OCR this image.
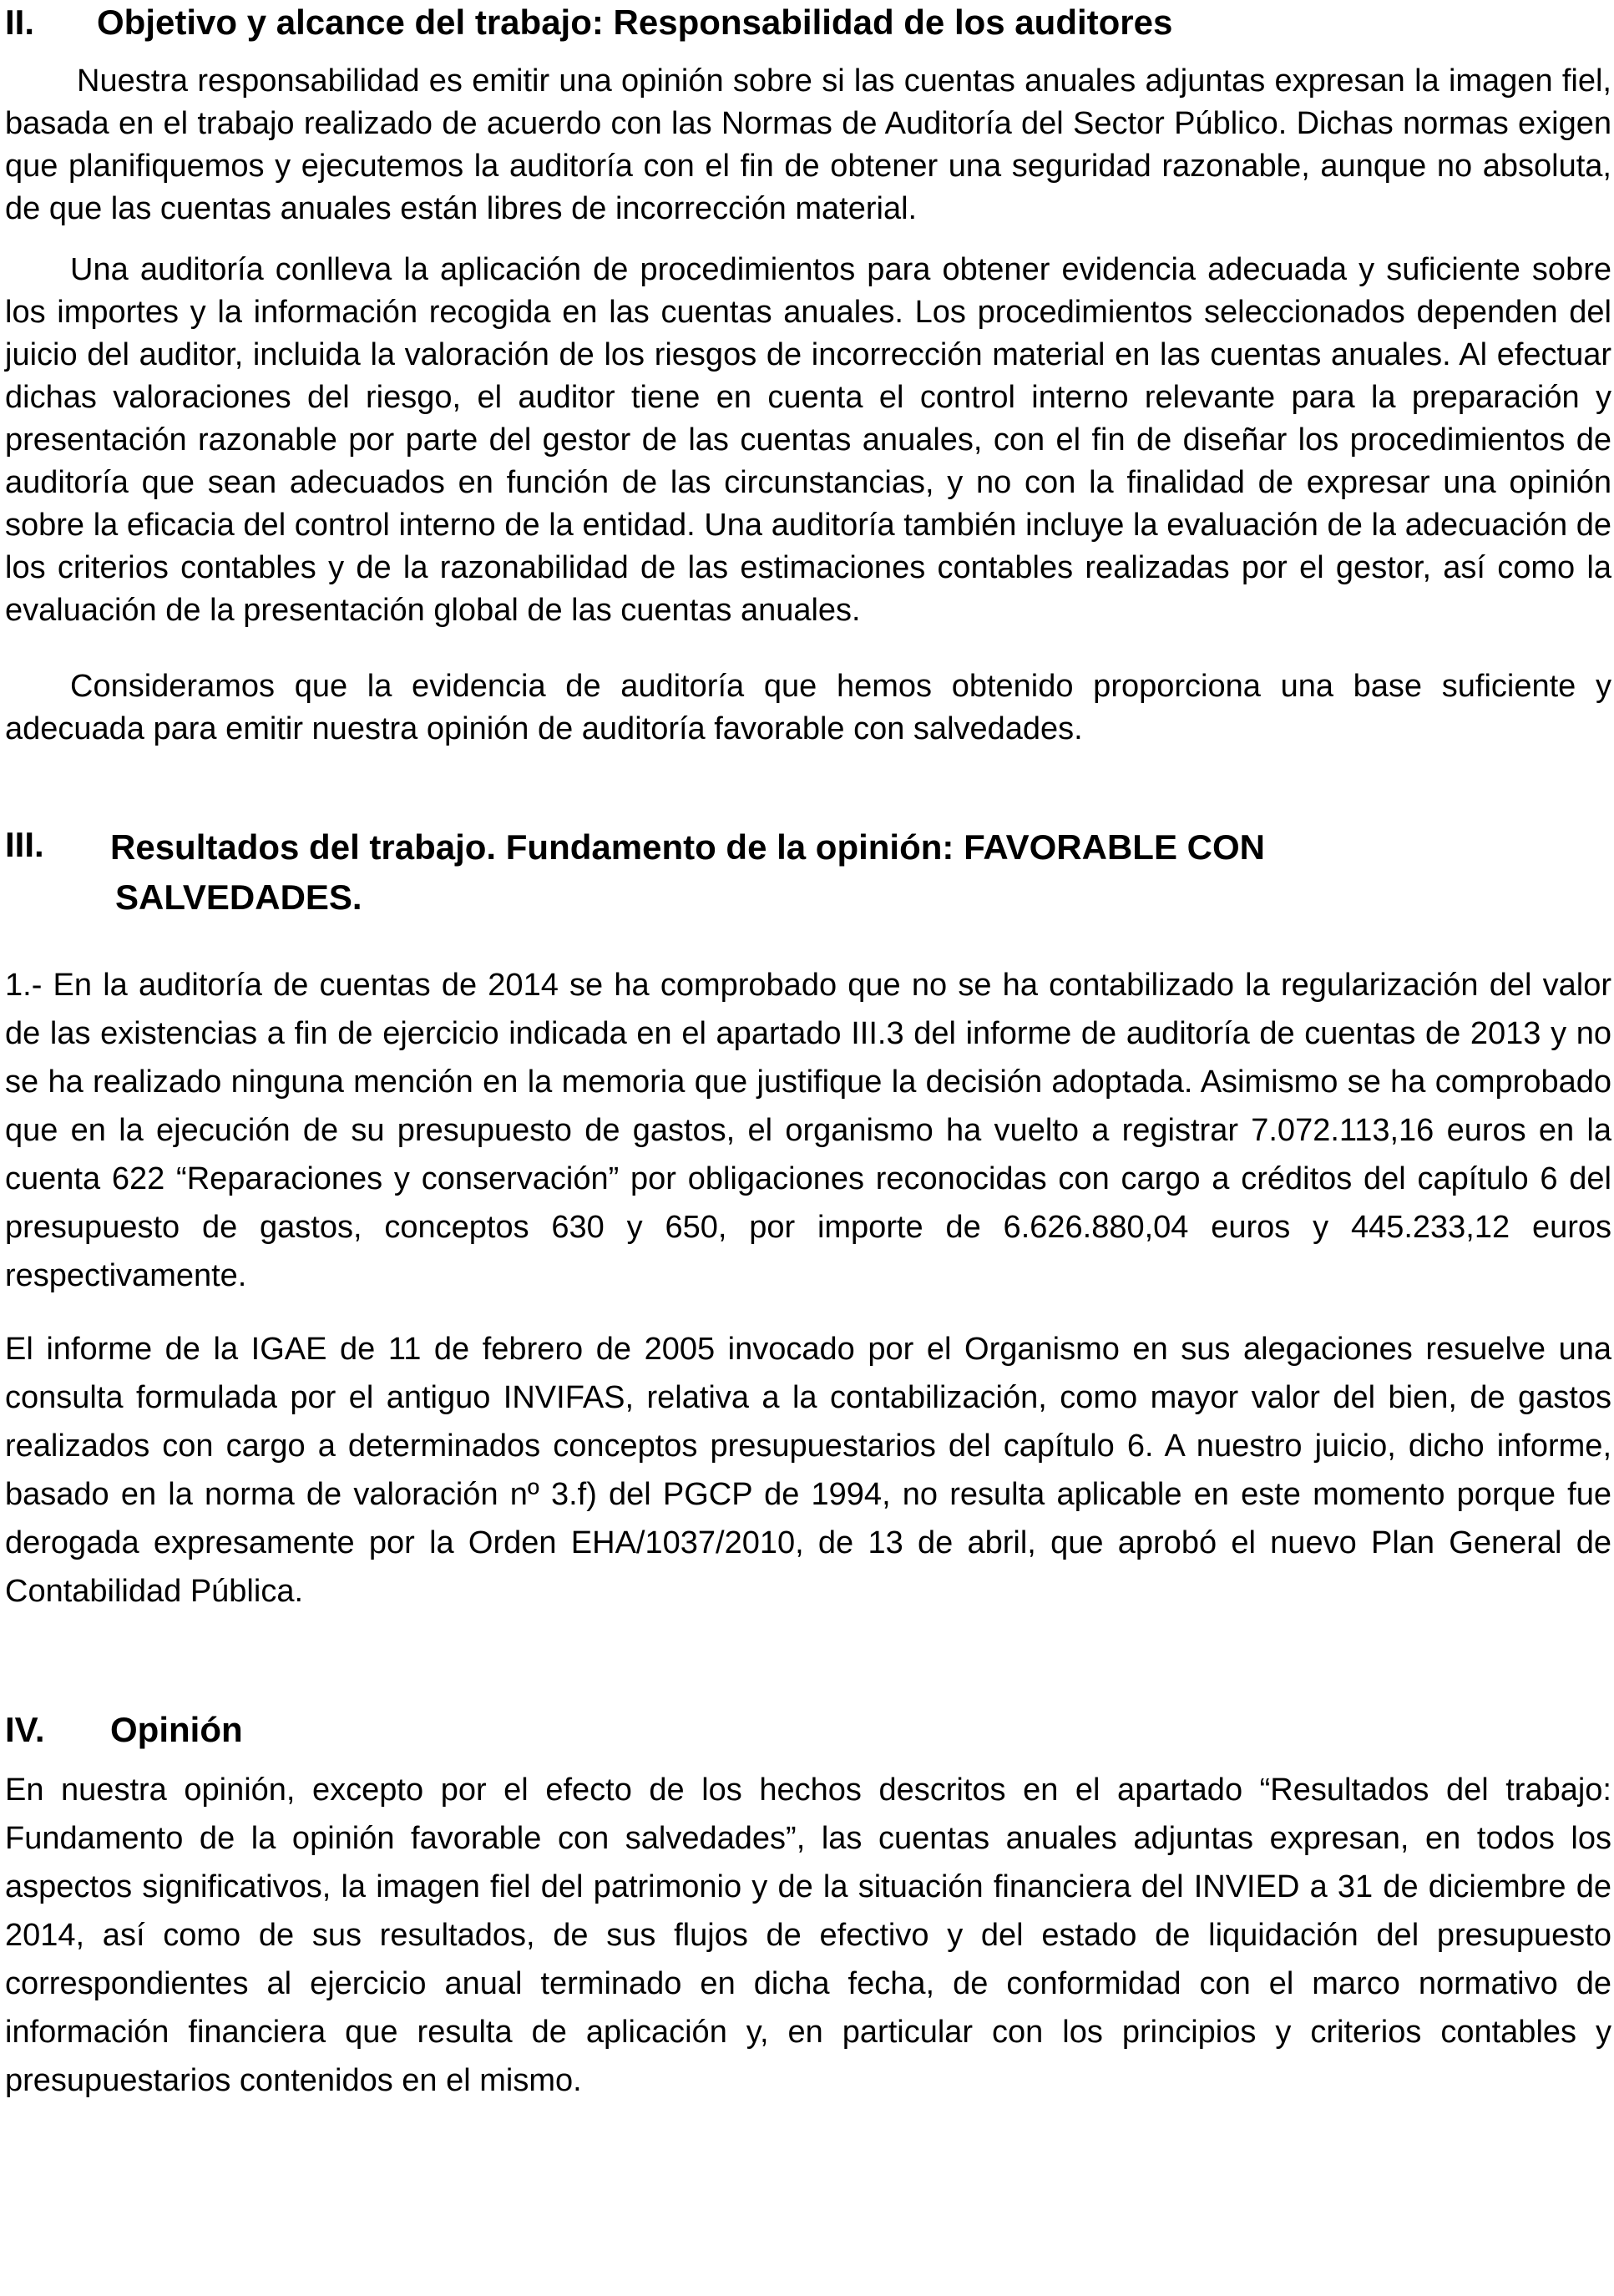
II.	Objetivo y alcance del trabajo: Responsabilidad de los auditores

Nuestra responsabilidad es emitir una opinión sobre si las cuentas anuales adjuntas expresan la imagen fiel, basada en el trabajo realizado de acuerdo con las Normas de Auditoría del Sector Público. Dichas normas exigen que planifiquemos y ejecutemos la auditoría con el fin de obtener una seguridad razonable, aunque no absoluta, de que las cuentas anuales están libres de incorrección material.

Una auditoría conlleva la aplicación de procedimientos para obtener evidencia adecuada y suficiente sobre los importes y la información recogida en las cuentas anuales. Los procedimientos seleccionados dependen del juicio del auditor, incluida la valoración de los riesgos de incorrección material en las cuentas anuales. Al efectuar dichas valoraciones del riesgo, el auditor tiene en cuenta el control interno relevante para la preparación y presentación razonable por parte del gestor de las cuentas anuales, con el fin de diseñar los procedimientos de auditoría que sean adecuados en función de las circunstancias, y no con la finalidad de expresar una opinión sobre la eficacia del control interno de la entidad. Una auditoría también incluye la evaluación de la adecuación de los criterios contables y de la razonabilidad de las estimaciones contables realizadas por el gestor, así como la evaluación de la presentación global de las cuentas anuales.

Consideramos que la evidencia de auditoría que hemos obtenido proporciona una base suficiente y adecuada para emitir nuestra opinión de auditoría favorable con salvedades.

III.	Resultados del trabajo. Fundamento de la opinión: FAVORABLE CON
SALVEDADES.

1.- En la auditoría de cuentas de 2014 se ha comprobado que no se ha contabilizado la regularización del valor de las existencias a fin de ejercicio indicada en el apartado III.3 del informe de auditoría de cuentas de 2013 y no se ha realizado ninguna mención en la memoria que justifique la decisión adoptada. Asimismo se ha comprobado que en la ejecución de su presupuesto de gastos, el organismo ha vuelto a registrar 7.072.113,16 euros en la cuenta 622 “Reparaciones y conservación” por obligaciones reconocidas con cargo a créditos del capítulo 6 del presupuesto de gastos, conceptos 630 y 650, por importe de 6.626.880,04 euros y 445.233,12 euros respectivamente.

El informe de la IGAE de 11 de febrero de 2005 invocado por el Organismo en sus alegaciones resuelve una consulta formulada por el antiguo INVIFAS, relativa a la contabilización, como mayor valor del bien, de gastos realizados con cargo a determinados conceptos presupuestarios del capítulo 6. A nuestro juicio, dicho informe, basado en la norma de valoración nº 3.f) del PGCP de 1994, no resulta aplicable en este momento porque fue derogada expresamente por la Orden EHA/1037/2010, de 13 de abril, que aprobó el nuevo Plan General de Contabilidad Pública.

IV.	Opinión

En nuestra opinión, excepto por el efecto de los hechos descritos en el apartado “Resultados del trabajo: Fundamento de la opinión favorable con salvedades”, las cuentas anuales adjuntas expresan, en todos los aspectos significativos, la imagen fiel del patrimonio y de la situación financiera del INVIED a 31 de diciembre de 2014, así como de sus resultados, de sus flujos de efectivo y del estado de liquidación del presupuesto correspondientes al ejercicio anual terminado en dicha fecha, de conformidad con el marco normativo de información financiera que resulta de aplicación y, en particular con los principios y criterios contables y presupuestarios contenidos en el mismo.
